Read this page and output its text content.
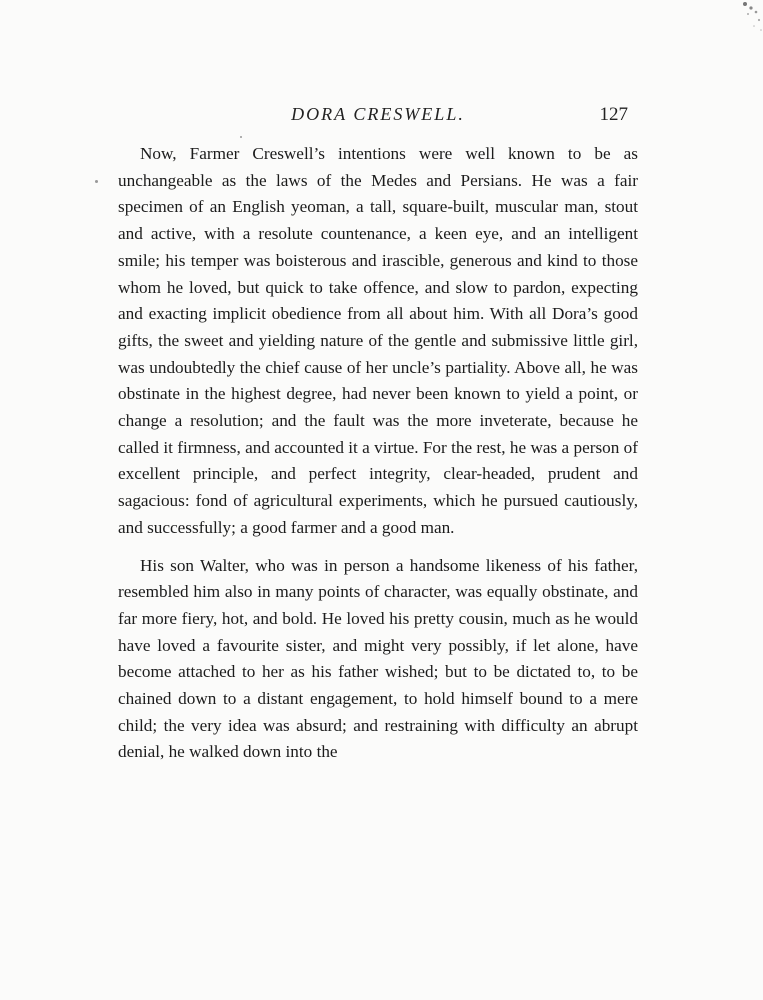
DORA CRESWELL.	127

Now, Farmer Creswell’s intentions were well known to be as unchangeable as the laws of the Medes and Persians. He was a fair specimen of an English yeoman, a tall, square-built, muscular man, stout and active, with a resolute countenance, a keen eye, and an intelligent smile; his temper was boisterous and irascible, generous and kind to those whom he loved, but quick to take offence, and slow to pardon, expecting and exacting implicit obedience from all about him. With all Dora’s good gifts, the sweet and yielding nature of the gentle and submissive little girl, was undoubtedly the chief cause of her uncle’s partiality. Above all, he was obstinate in the highest degree, had never been known to yield a point, or change a resolution; and the fault was the more inveterate, because he called it firmness, and accounted it a virtue. For the rest, he was a person of excellent principle, and perfect integrity, clear-headed, prudent and sagacious: fond of agricultural experiments, which he pursued cautiously, and successfully; a good farmer and a good man.

His son Walter, who was in person a handsome likeness of his father, resembled him also in many points of character, was equally obstinate, and far more fiery, hot, and bold. He loved his pretty cousin, much as he would have loved a favourite sister, and might very possibly, if let alone, have become attached to her as his father wished; but to be dictated to, to be chained down to a distant engagement, to hold himself bound to a mere child; the very idea was absurd; and restraining with difficulty an abrupt denial, he walked down into the
